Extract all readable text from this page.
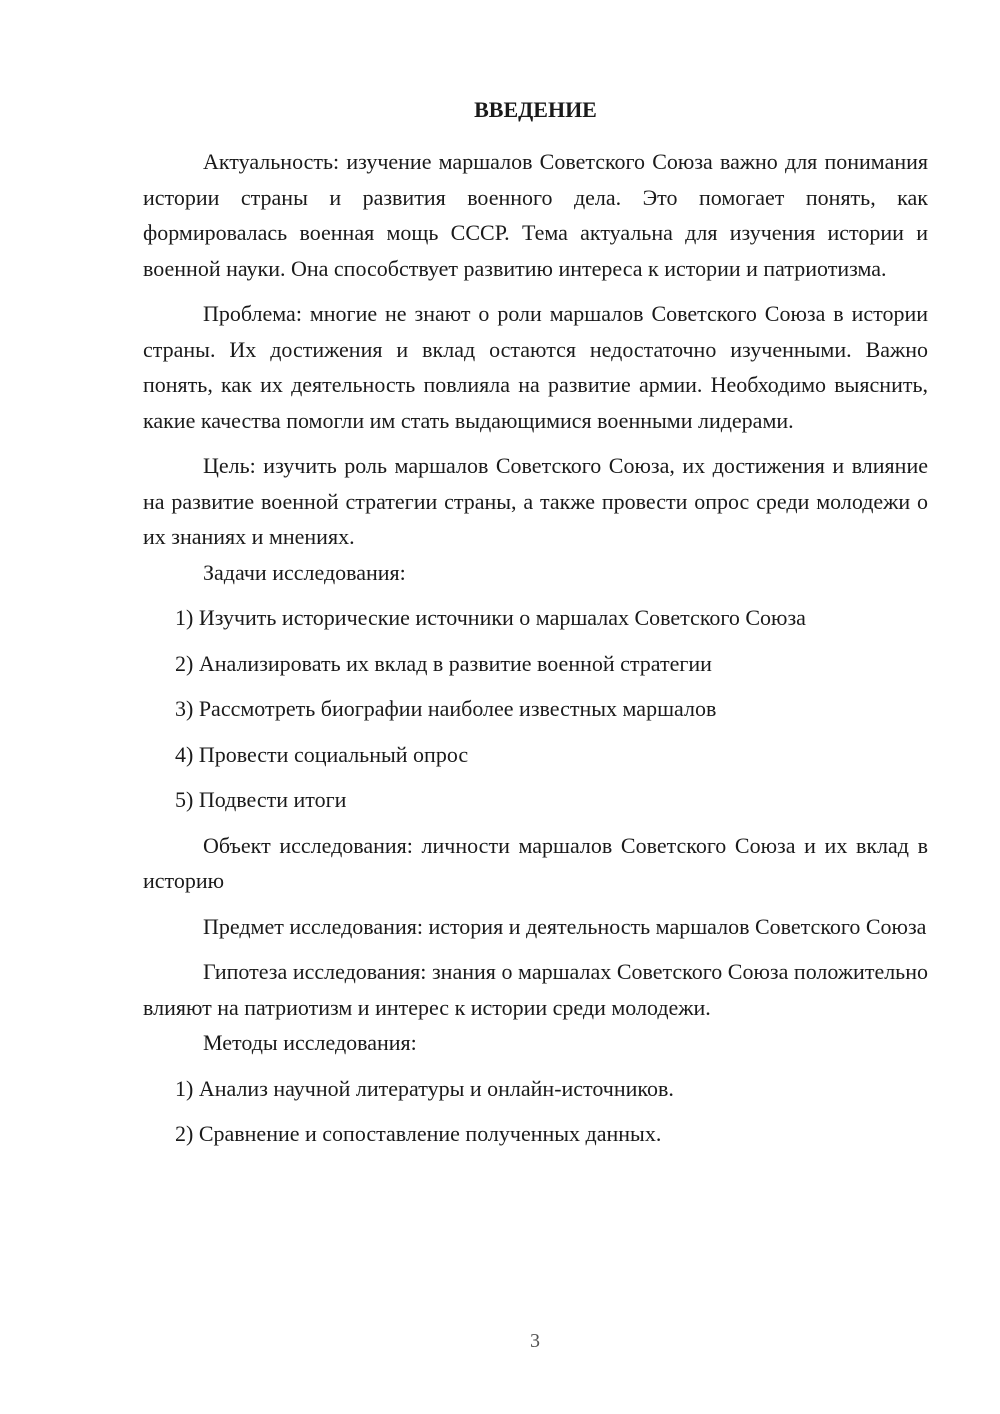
ВВЕДЕНИЕ

Актуальность: изучение маршалов Советского Союза важно для понимания истории страны и развития военного дела. Это помогает понять, как формировалась военная мощь СССР. Тема актуальна для изучения истории и военной науки. Она способствует развитию интереса к истории и патриотизма.

Проблема: многие не знают о роли маршалов Советского Союза в истории страны. Их достижения и вклад остаются недостаточно изученными. Важно понять, как их деятельность повлияла на развитие армии. Необходимо выяснить, какие качества помогли им стать выдающимися военными лидерами.

Цель: изучить роль маршалов Советского Союза, их достижения и влияние на развитие военной стратегии страны, а также провести опрос среди молодежи о их знаниях и мнениях.

Задачи исследования:

1) Изучить исторические источники о маршалах Советского Союза

2) Анализировать их вклад в развитие военной стратегии

3) Рассмотреть биографии наиболее известных маршалов

4) Провести социальный опрос

5) Подвести итоги

Объект исследования: личности маршалов Советского Союза и их вклад в историю

Предмет исследования: история и деятельность маршалов Советского Союза

Гипотеза исследования: знания о маршалах Советского Союза положительно влияют на патриотизм и интерес к истории среди молодежи.

Методы исследования:

1) Анализ научной литературы и онлайн-источников.

2) Сравнение и сопоставление полученных данных.

3
